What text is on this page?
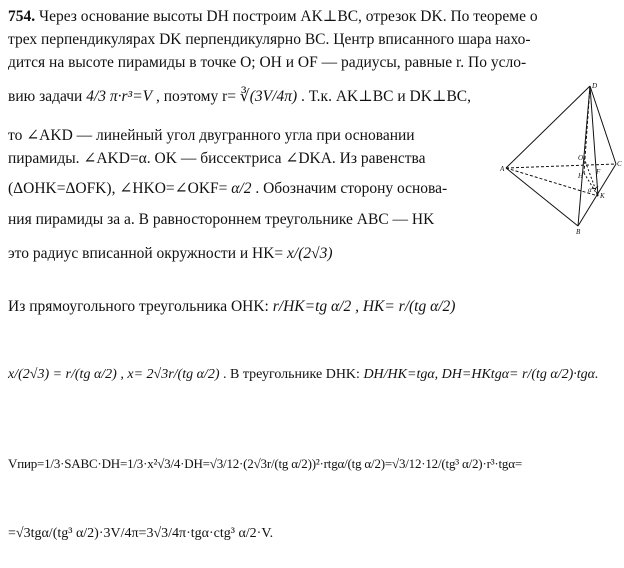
754. Через основание высоты DH построим AK⊥BC, отрезок DK. По теореме о
трех перпендикулярах DK перпендикулярно BC. Центр вписанного шара нахо-
дится на высоте пирамиды в точке О; OH и OF — радиусы, равные r. По усло-
вию задачи 4/3 π·r³=V , поэтому r= ∛(3V/4π) . Т.к. AK⊥BC и DK⊥BC,
то ∠AKD — линейный угол двугранного угла при основании
пирамиды. ∠AKD=α. OK — биссектриса ∠DKA. Из равенства
(ΔOHK=ΔOFK), ∠HKO=∠OKF= α/2 . Обозначим сторону основа-
ния пирамиды за a. В равностороннем треугольнике ABC — HK
это радиус вписанной окружности и HK= x/(2√3)
Из прямоугольного треугольника OHK: r/HK=tg α/2 , HK= r/(tg α/2)
x/(2√3) = r/(tg α/2) , x= 2√3r/(tg α/2) . В треугольнике DHK: DH/HK=tgα, DH=HKtgα= r/(tg α/2)·tgα.
Vпир=1/3·SABC·DH=1/3·x²√3/4·DH=√3/12·(2√3r/(tg α/2))²·rtgα/(tg α/2)=√3/12·12/(tg³ α/2)·r³·tgα=
=√3tgα/(tg³ α/2)·3V/4π=3√3/4π·tgα·ctg³ α/2·V.
D
O
A
C
H
K
B
F
α
